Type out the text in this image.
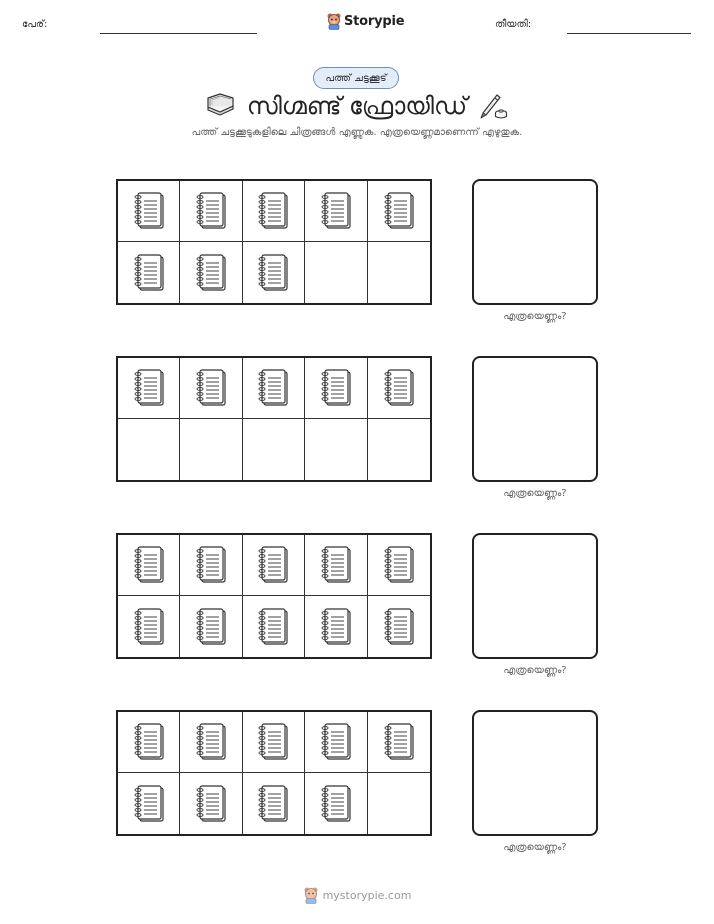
പേര്:	Storypie	തീയതി:
പത്ത് ചട്ടക്കൂട്
സിഗ്മണ്ട് ഫ്രോയിഡ്
പത്ത് ചട്ടക്കൂടുകളിലെ ചിത്രങ്ങൾ എണ്ണുക. എത്രയെണ്ണമാണെന്ന് എഴുതുക.
എത്രയെണ്ണം?
എത്രയെണ്ണം?
എത്രയെണ്ണം?
എത്രയെണ്ണം?
mystorypie.com
